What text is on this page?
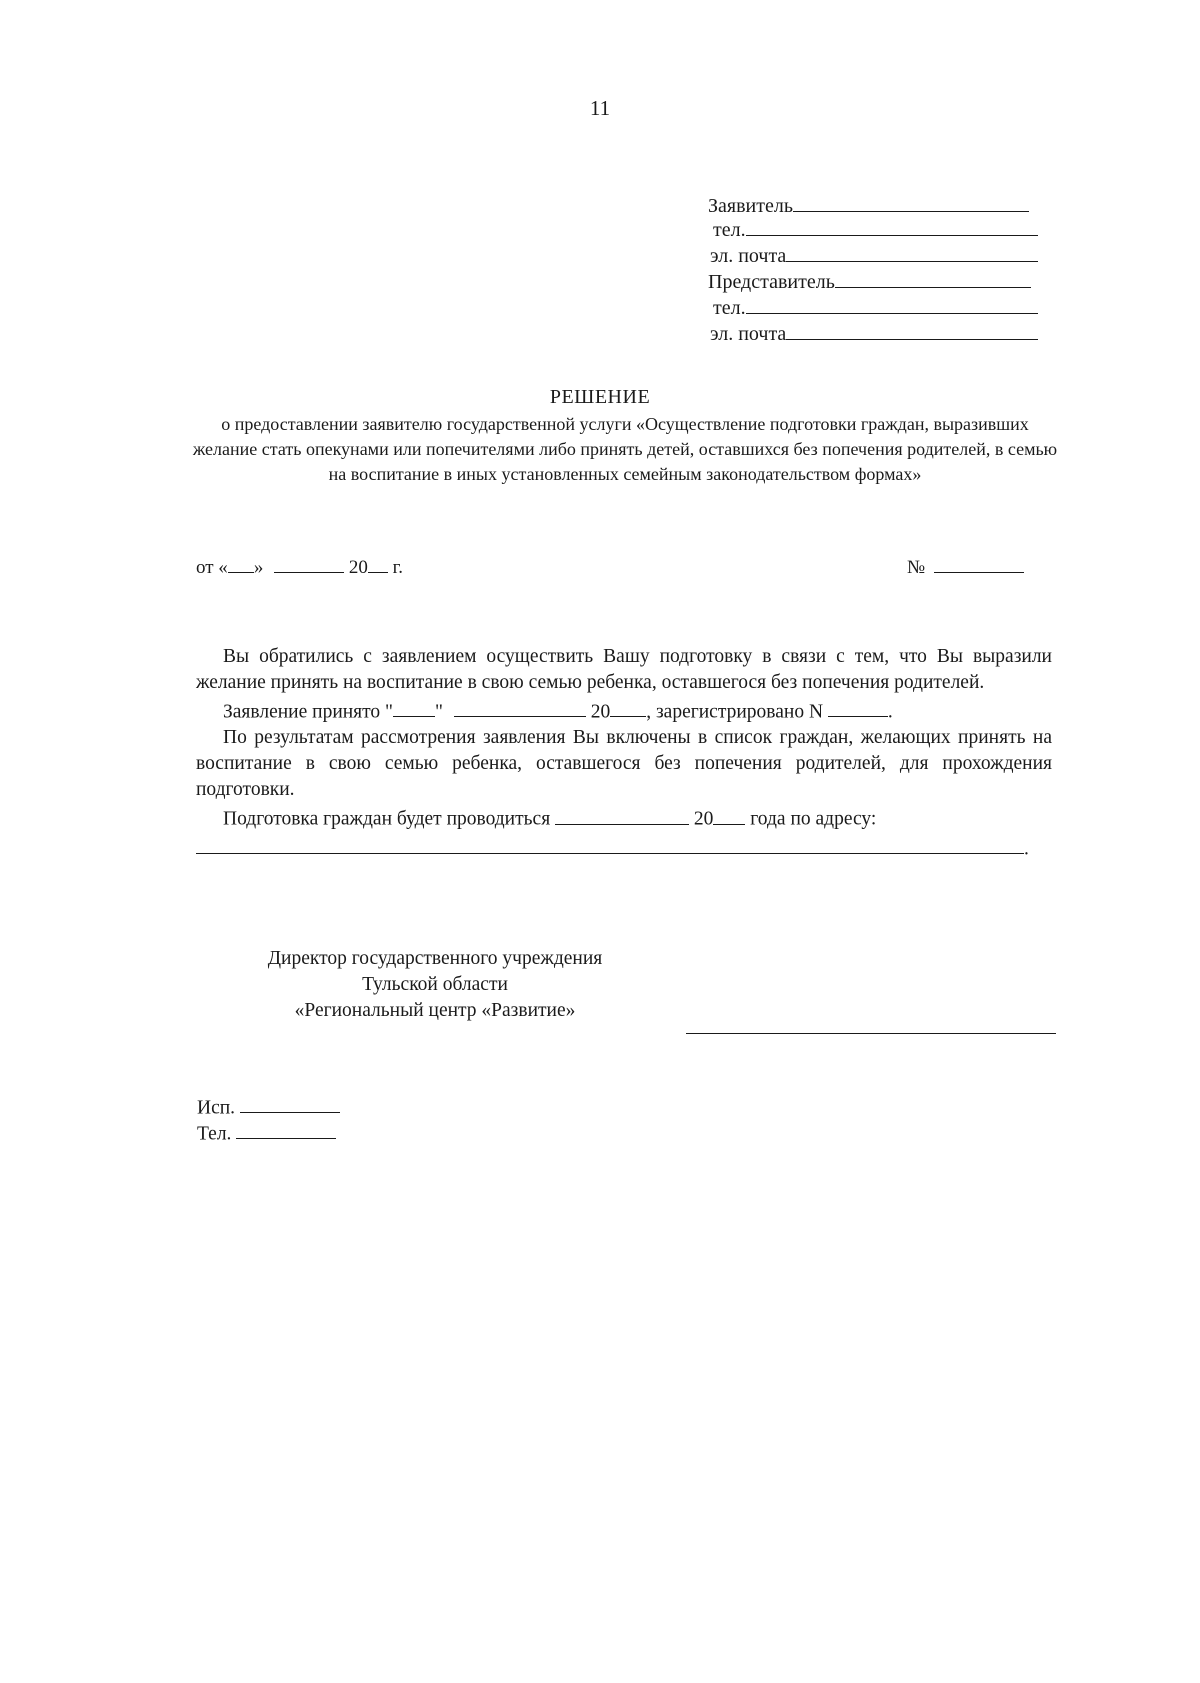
11
Заявитель
тел.
эл. почта
Представитель
тел.
эл. почта
РЕШЕНИЕ
о предоставлении заявителю государственной услуги «Осуществление подготовки граждан, выразивших желание стать опекунами или попечителями либо принять детей, оставшихся без попечения родителей, в семью на воспитание в иных установленных семейным законодательством формах»
от « »	20 г.	№

Вы обратились с заявлением осуществить Вашу подготовку в связи с тем, что Вы выразили желание принять на воспитание в свою семью ребенка, оставшегося без попечения родителей.

Заявление принято " "	20 , зарегистрировано N	.

По результатам рассмотрения заявления Вы включены в список граждан, желающих принять на воспитание в свою семью ребенка, оставшегося без попечения родителей, для прохождения подготовки.

Подготовка граждан будет проводиться	20 года по адресу:

.

Директор государственного учреждения
Тульской области
«Региональный центр «Развитие»
Исп.
Тел.
